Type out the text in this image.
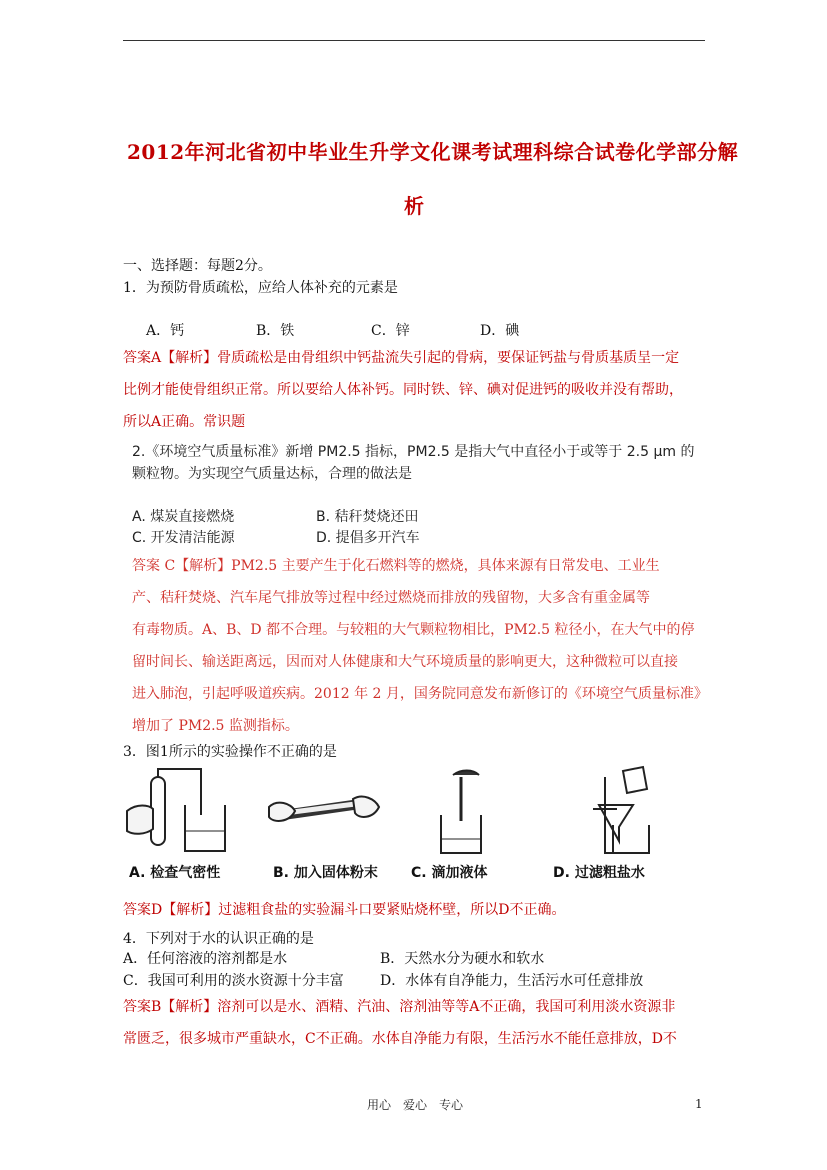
2012年河北省初中毕业生升学文化课考试理科综合试卷化学部分解
析
一、选择题：每题2分。
1．为预防骨质疏松，应给人体补充的元素是
A．钙	B．铁	C．锌	D．碘
答案A【解析】骨质疏松是由骨组织中钙盐流失引起的骨病，要保证钙盐与骨质基质呈一定
比例才能使骨组织正常。所以要给人体补钙。同时铁、锌、碘对促进钙的吸收并没有帮助，
所以A正确。常识题
2.《环境空气质量标准》新增 PM2.5 指标，PM2.5 是指大气中直径小于或等于 2.5 μm 的
颗粒物。为实现空气质量达标，合理的做法是
A. 煤炭直接燃烧	B. 秸秆焚烧还田
C. 开发清洁能源	D. 提倡多开汽车
答案 C【解析】PM2.5 主要产生于化石燃料等的燃烧，具体来源有日常发电、工业生
产、秸秆焚烧、汽车尾气排放等过程中经过燃烧而排放的残留物，大多含有重金属等
有毒物质。A、B、D 都不合理。与较粗的大气颗粒物相比，PM2.5 粒径小，在大气中的停
留时间长、输送距离远，因而对人体健康和大气环境质量的影响更大，这种微粒可以直接
进入肺泡，引起呼吸道疾病。2012 年 2 月，国务院同意发布新修订的《环境空气质量标准》
增加了 PM2.5 监测指标。
3．图1所示的实验操作不正确的是
A. 检查气密性	B. 加入固体粉末 C. 滴加液体	D. 过滤粗盐水
答案D【解析】过滤粗食盐的实验漏斗口要紧贴烧杯壁，所以D不正确。
4．下列对于水的认识正确的是
A．任何溶液的溶剂都是水	B．天然水分为硬水和软水
C．我国可利用的淡水资源十分丰富	D．水体有自净能力，生活污水可任意排放
答案B【解析】溶剂可以是水、酒精、汽油、溶剂油等等A不正确，我国可利用淡水资源非
常匮乏，很多城市严重缺水，C不正确。水体自净能力有限，生活污水不能任意排放，D不
用心　爱心　专心	1
